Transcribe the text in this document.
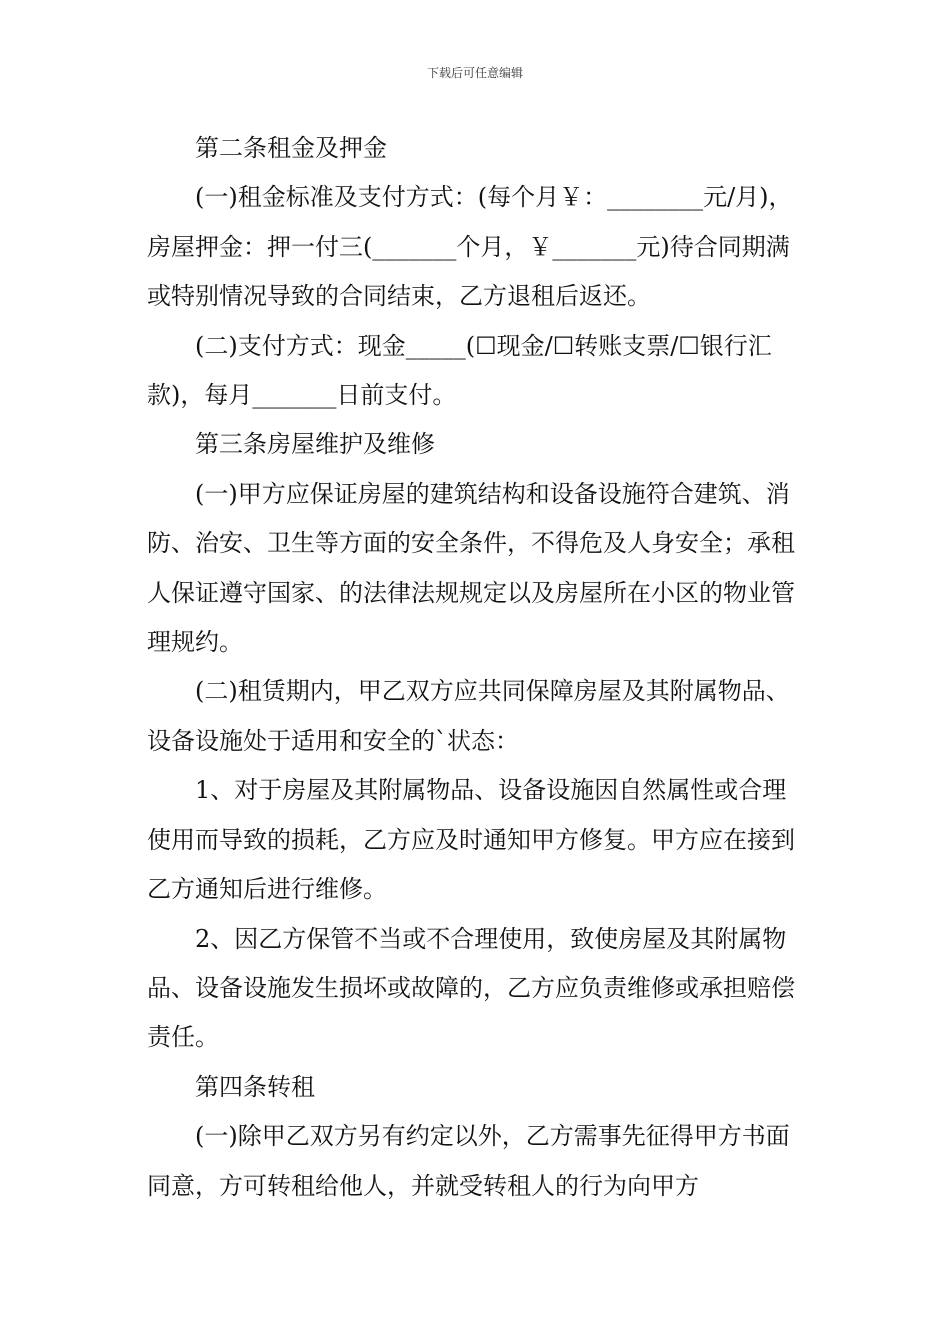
下载后可任意编辑

第二条租金及押金

(一)租金标准及支付方式：(每个月￥：________元/月)，房屋押金：押一付三(_______个月，￥_______元)待合同期满或特别情况导致的合同结束，乙方退租后返还。

(二)支付方式：现金_____(☐现金/☐转账支票/☐银行汇款)，每月_______日前支付。

第三条房屋维护及维修

(一)甲方应保证房屋的建筑结构和设备设施符合建筑、消防、治安、卫生等方面的安全条件，不得危及人身安全；承租人保证遵守国家、的法律法规规定以及房屋所在小区的物业管理规约。

(二)租赁期内，甲乙双方应共同保障房屋及其附属物品、设备设施处于适用和安全的`状态：

1、对于房屋及其附属物品、设备设施因自然属性或合理使用而导致的损耗，乙方应及时通知甲方修复。甲方应在接到乙方通知后进行维修。

2、因乙方保管不当或不合理使用，致使房屋及其附属物品、设备设施发生损坏或故障的，乙方应负责维修或承担赔偿责任。

第四条转租

(一)除甲乙双方另有约定以外，乙方需事先征得甲方书面同意，方可转租给他人，并就受转租人的行为向甲方
